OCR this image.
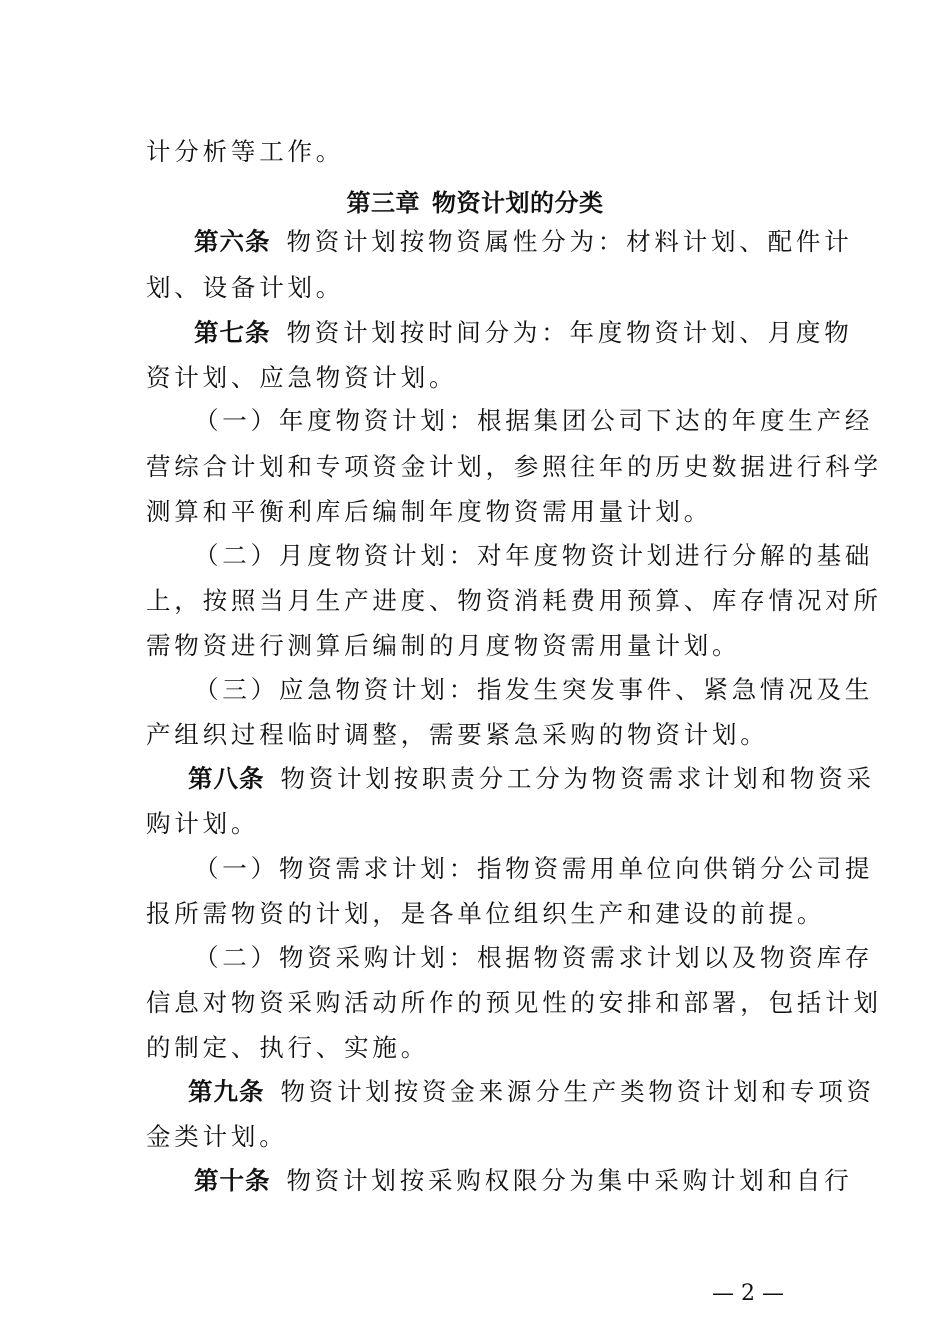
计分析等工作。
第三章 物资计划的分类
第六条 物资计划按物资属性分为：材料计划、配件计
划、设备计划。
第七条 物资计划按时间分为：年度物资计划、月度物
资计划、应急物资计划。
（一）年度物资计划：根据集团公司下达的年度生产经
营综合计划和专项资金计划，参照往年的历史数据进行科学
测算和平衡利库后编制年度物资需用量计划。
（二）月度物资计划：对年度物资计划进行分解的基础
上，按照当月生产进度、物资消耗费用预算、库存情况对所
需物资进行测算后编制的月度物资需用量计划。
（三）应急物资计划：指发生突发事件、紧急情况及生
产组织过程临时调整，需要紧急采购的物资计划。
第八条 物资计划按职责分工分为物资需求计划和物资采
购计划。
（一）物资需求计划：指物资需用单位向供销分公司提
报所需物资的计划，是各单位组织生产和建设的前提。
（二）物资采购计划：根据物资需求计划以及物资库存
信息对物资采购活动所作的预见性的安排和部署，包括计划
的制定、执行、实施。
第九条 物资计划按资金来源分生产类物资计划和专项资
金类计划。
第十条 物资计划按采购权限分为集中采购计划和自行
— 2 —
